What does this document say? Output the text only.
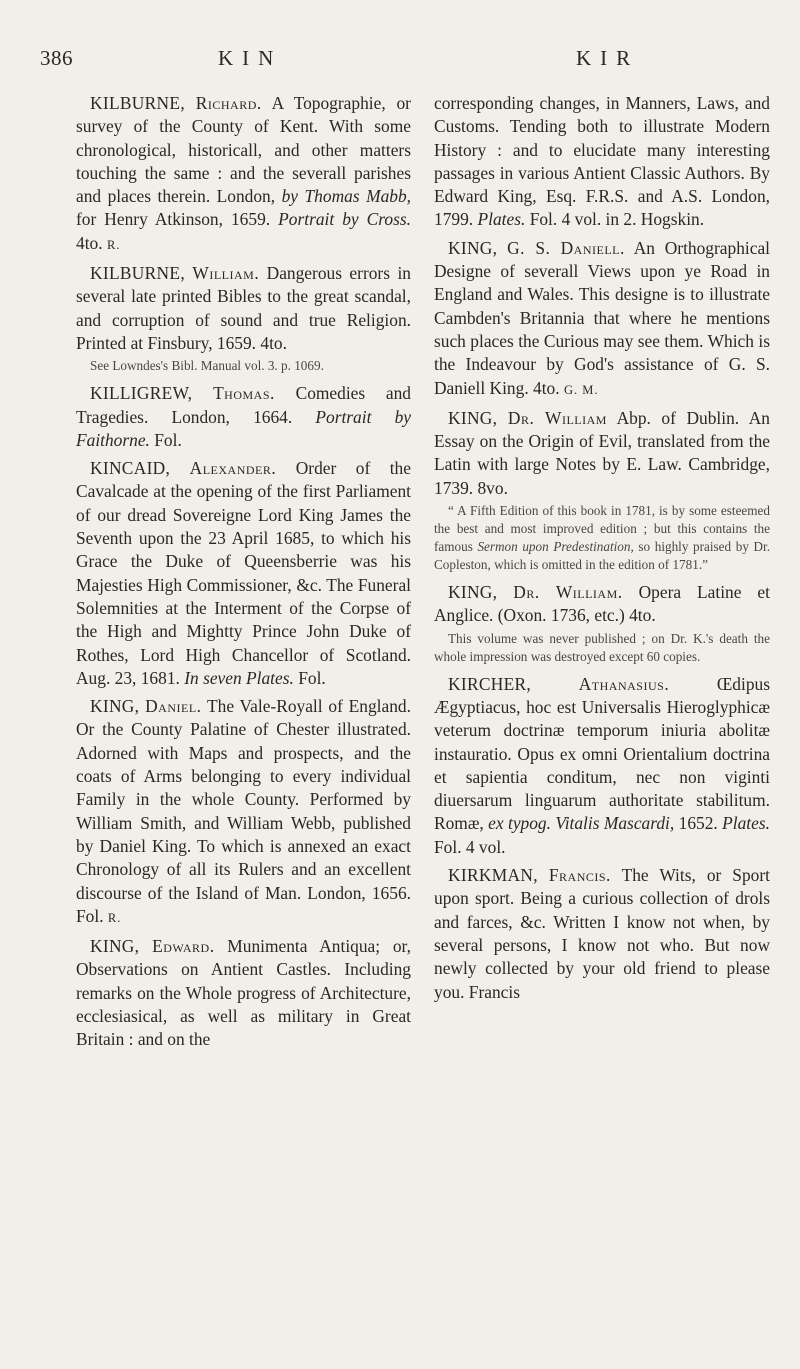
386	KIN	KIR

KILBURNE, Richard. A Topographie, or survey of the County of Kent. With some chronological, historicall, and other matters touching the same : and the severall parishes and places therein. London, by Thomas Mabb, for Henry Atkinson, 1659. Portrait by Cross. 4to. R.

KILBURNE, William. Dangerous errors in several late printed Bibles to the great scandal, and corruption of sound and true Religion. Printed at Finsbury, 1659. 4to.

See Lowndes's Bibl. Manual vol. 3. p. 1069.

KILLIGREW, Thomas. Comedies and Tragedies. London, 1664. Portrait by Faithorne. Fol.

KINCAID, Alexander. Order of the Cavalcade at the opening of the first Parliament of our dread Sovereigne Lord King James the Seventh upon the 23 April 1685, to which his Grace the Duke of Queensberrie was his Majesties High Commissioner, &c. The Funeral Solemnities at the Interment of the Corpse of the High and Mightty Prince John Duke of Rothes, Lord High Chancellor of Scotland. Aug. 23, 1681. In seven Plates. Fol.

KING, Daniel. The Vale-Royall of England. Or the County Palatine of Chester illustrated. Adorned with Maps and prospects, and the coats of Arms belonging to every individual Family in the whole County. Performed by William Smith, and William Webb, published by Daniel King. To which is annexed an exact Chronology of all its Rulers and an excellent discourse of the Island of Man. London, 1656. Fol. R.

KING, Edward. Munimenta Antiqua; or, Observations on Antient Castles. Including remarks on the Whole progress of Architecture, ecclesiasical, as well as military in Great Britain : and on the

corresponding changes, in Manners, Laws, and Customs. Tending both to illustrate Modern History : and to elucidate many interesting passages in various Antient Classic Authors. By Edward King, Esq. F.R.S. and A.S. London, 1799. Plates. Fol. 4 vol. in 2. Hogskin.

KING, G. S. Daniell. An Orthographical Designe of severall Views upon ye Road in England and Wales. This designe is to illustrate Cambden's Britannia that where he mentions such places the Curious may see them. Which is the Indeavour by God's assistance of G. S. Daniell King. 4to. G. M.

KING, Dr. William Abp. of Dublin. An Essay on the Origin of Evil, translated from the Latin with large Notes by E. Law. Cambridge, 1739. 8vo.

“ A Fifth Edition of this book in 1781, is by some esteemed the best and most improved edition ; but this contains the famous Sermon upon Predestination, so highly praised by Dr. Copleston, which is omitted in the edition of 1781.”

KING, Dr. William. Opera Latine et Anglice. (Oxon. 1736, etc.) 4to.

This volume was never published ; on Dr. K.'s death the whole impression was destroyed except 60 copies.

KIRCHER,	Athanasius.	Œdipus Ægyptiacus, hoc est Universalis Hieroglyphicæ veterum doctrinæ temporum iniuria abolitæ instauratio. Opus ex omni Orientalium doctrina et sapientia conditum, nec non viginti diuersarum linguarum authoritate stabilitum. Romæ, ex typog. Vitalis Mascardi, 1652. Plates. Fol. 4 vol.

KIRKMAN, Francis. The Wits, or Sport upon sport. Being a curious collection of drols and farces, &c. Written I know not when, by several persons, I know not who. But now newly collected by your old friend to please you. Francis
